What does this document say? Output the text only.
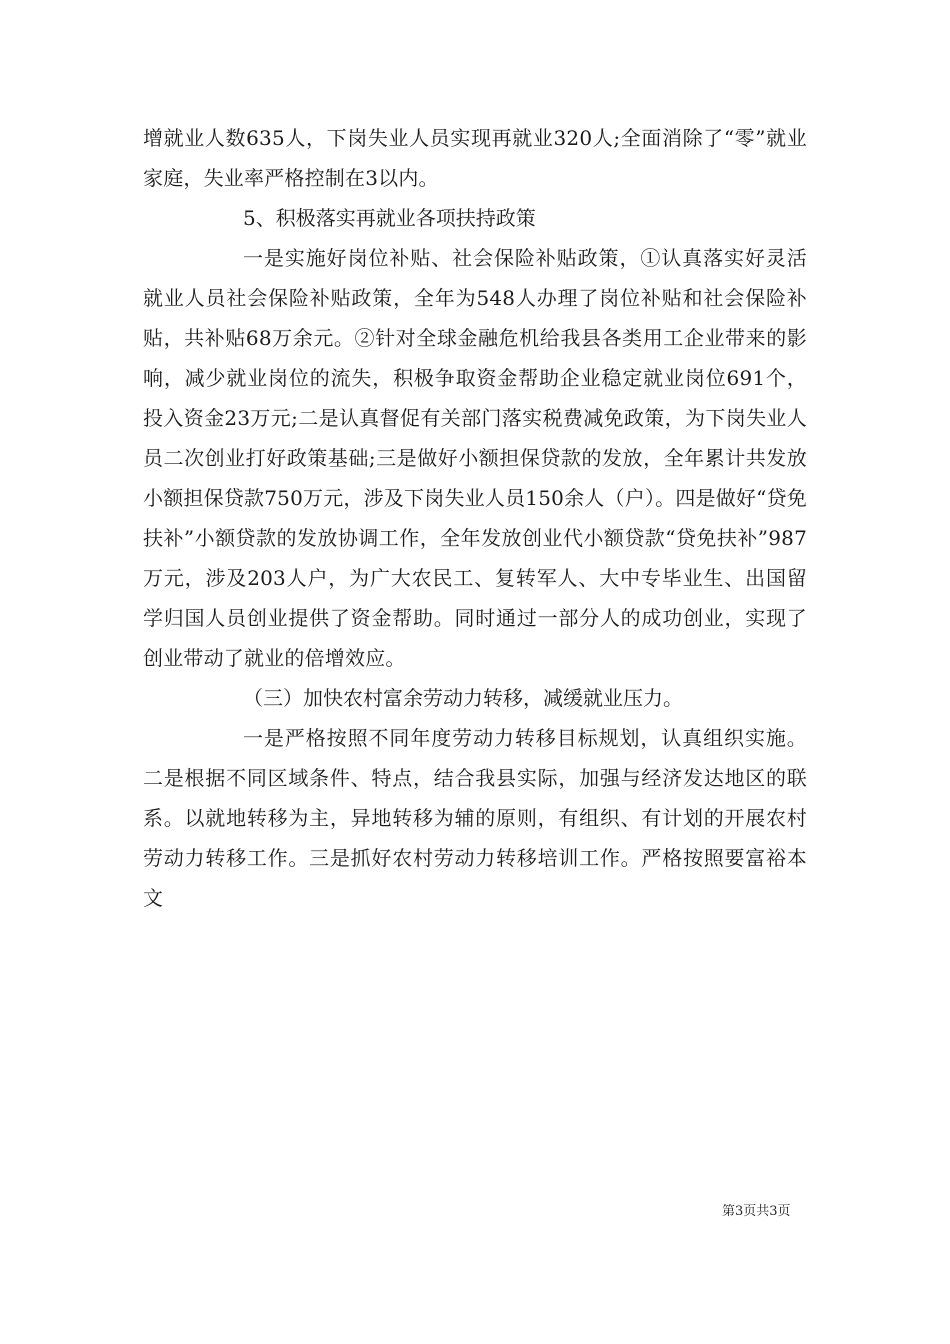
增就业人数635人，下岗失业人员实现再就业320人;全面消除了“零”就业家庭，失业率严格控制在3以内。

5、积极落实再就业各项扶持政策

一是实施好岗位补贴、社会保险补贴政策，①认真落实好灵活就业人员社会保险补贴政策，全年为548人办理了岗位补贴和社会保险补贴，共补贴68万余元。②针对全球金融危机给我县各类用工企业带来的影响，减少就业岗位的流失，积极争取资金帮助企业稳定就业岗位691个，投入资金23万元;二是认真督促有关部门落实税费减免政策，为下岗失业人员二次创业打好政策基础;三是做好小额担保贷款的发放，全年累计共发放小额担保贷款750万元，涉及下岗失业人员150余人（户）。四是做好“贷免扶补”小额贷款的发放协调工作，全年发放创业代小额贷款“贷免扶补”987万元，涉及203人户，为广大农民工、复转军人、大中专毕业生、出国留学归国人员创业提供了资金帮助。同时通过一部分人的成功创业，实现了创业带动了就业的倍增效应。

（三）加快农村富余劳动力转移，减缓就业压力。

一是严格按照不同年度劳动力转移目标规划，认真组织实施。二是根据不同区域条件、特点，结合我县实际，加强与经济发达地区的联系。以就地转移为主，异地转移为辅的原则，有组织、有计划的开展农村劳动力转移工作。三是抓好农村劳动力转移培训工作。严格按照要富裕本文

第3页共3页
